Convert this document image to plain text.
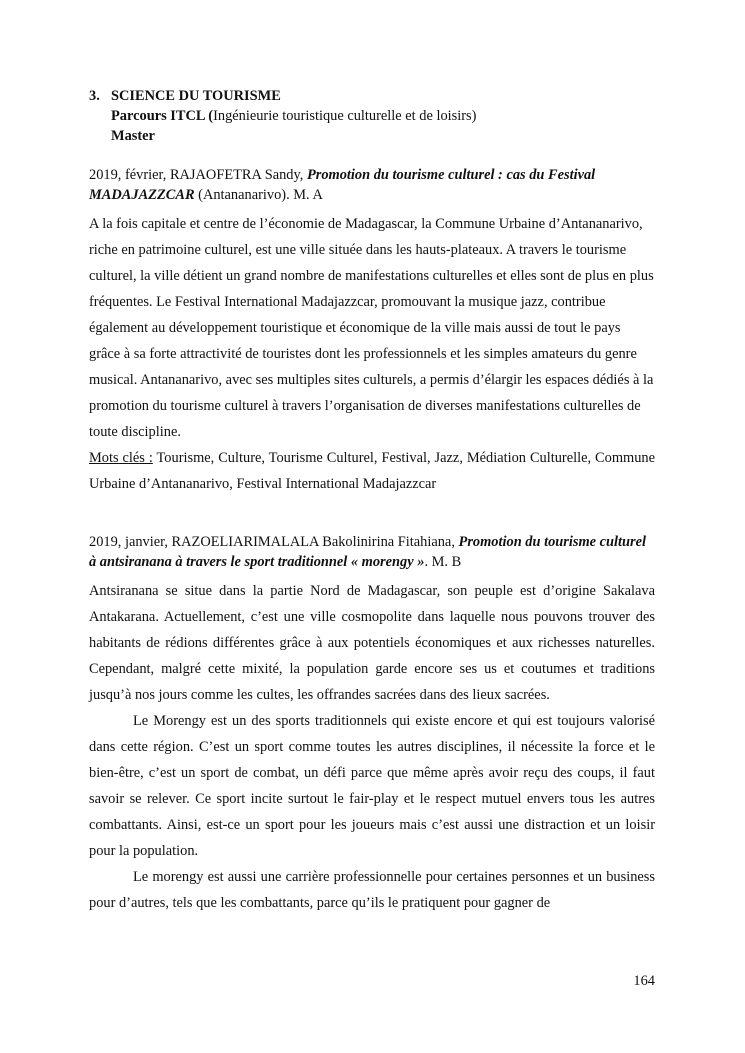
3. SCIENCE DU TOURISME
Parcours ITCL (Ingénieurie touristique culturelle et de loisirs)
Master
2019, février, RAJAOFETRA Sandy, Promotion du tourisme culturel : cas du Festival MADAJAZZCAR (Antananarivo). M. A
A la fois capitale et centre de l’économie de Madagascar, la Commune Urbaine d’Antananarivo, riche en patrimoine culturel, est une ville située dans les hauts-plateaux. A travers le tourisme culturel, la ville détient un grand nombre de manifestations culturelles et elles sont de plus en plus fréquentes. Le Festival International Madajazzcar, promouvant la musique jazz, contribue également au développement touristique et économique de la ville mais aussi de tout le pays grâce à sa forte attractivité de touristes dont les professionnels et les simples amateurs du genre musical. Antananarivo, avec ses multiples sites culturels, a permis d’élargir les espaces dédiés à la promotion du tourisme culturel à travers l’organisation de diverses manifestations culturelles de toute discipline.
Mots clés : Tourisme, Culture, Tourisme Culturel, Festival, Jazz, Médiation Culturelle, Commune Urbaine d’Antananarivo, Festival International Madajazzcar
2019, janvier, RAZOELIARIMALALA Bakolinirina Fitahiana, Promotion du tourisme culturel à antsiranana à travers le sport traditionnel « morengy ». M. B
Antsiranana se situe dans la partie Nord de Madagascar, son peuple est d’origine Sakalava Antakarana. Actuellement, c’est une ville cosmopolite dans laquelle nous pouvons trouver des habitants de rédions différentes grâce à aux potentiels économiques et aux richesses naturelles. Cependant, malgré cette mixité, la population garde encore ses us et coutumes et traditions jusqu’à nos jours comme les cultes, les offrandes sacrées dans des lieux sacrées.
Le Morengy est un des sports traditionnels qui existe encore et qui est toujours valorisé dans cette région. C’est un sport comme toutes les autres disciplines, il nécessite la force et le bien-être, c’est un sport de combat, un défi parce que même après avoir reçu des coups, il faut savoir se relever. Ce sport incite surtout le fair-play et le respect mutuel envers tous les autres combattants. Ainsi, est-ce un sport pour les joueurs mais c’est aussi une distraction et un loisir pour la population.
Le morengy est aussi une carrière professionnelle pour certaines personnes et un business pour d’autres, tels que les combattants, parce qu’ils le pratiquent pour gagner de
164
